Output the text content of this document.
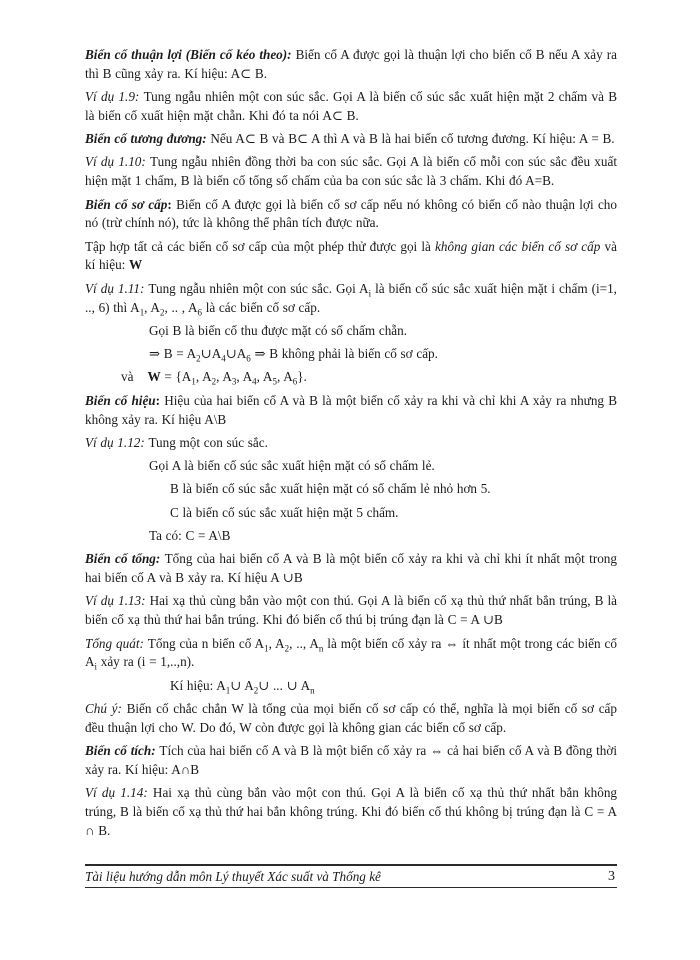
Biến cố thuận lợi (Biến cố kéo theo): Biến cố A được gọi là thuận lợi cho biến cố B nếu A xảy ra thì B cũng xảy ra. Kí hiệu: A⊂ B.

Ví dụ 1.9: Tung ngẫu nhiên một con súc sắc. Gọi A là biến cố súc sắc xuất hiện mặt 2 chấm và B là biến cố xuất hiện mặt chẵn. Khi đó ta nói A⊂ B.

Biến cố tương đương: Nếu A⊂ B và B⊂ A thì A và B là hai biến cố tương đương. Kí hiệu: A = B.

Ví dụ 1.10: Tung ngẫu nhiên đồng thời ba con súc sắc. Gọi A là biến cố mỗi con súc sắc đều xuất hiện mặt 1 chấm, B là biến cố tổng số chấm của ba con súc sắc là 3 chấm. Khi đó A=B.

Biến cố sơ cấp: Biến cố A được gọi là biến cố sơ cấp nếu nó không có biến cố nào thuận lợi cho nó (trừ chính nó), tức là không thể phân tích được nữa.

Tập hợp tất cả các biến cố sơ cấp của một phép thử được gọi là không gian các biến cố sơ cấp và kí hiệu: W

Ví dụ 1.11: Tung ngẫu nhiên một con súc sắc. Gọi $A_i$ là biến cố súc sắc xuất hiện mặt i chấm (i=1, .., 6) thì $A_1$, $A_2$, .. , $A_6$ là các biến cố sơ cấp.

Gọi B là biến cố thu được mặt có số chấm chẵn.

⇒ $B = A_2\cup A_4\cup A_6$ ⇒ B không phải là biến cố sơ cấp.

và $W = \{A_1$, $A_2$, $A_3$, $A_4$, $A_5$, $A_6$}.

Biến cố hiệu: Hiệu của hai biến cố A và B là một biến cố xảy ra khi và chỉ khi A xảy ra nhưng B không xảy ra. Kí hiệu A\B

Ví dụ 1.12: Tung một con súc sắc.

Gọi A là biến cố súc sắc xuất hiện mặt có số chấm lẻ.

B là biến cố súc sắc xuất hiện mặt có số chấm lẻ nhỏ hơn 5.

C là biến cố súc sắc xuất hiện mặt 5 chấm.

Ta có: C = A\B

Biến cố tổng: Tổng của hai biến cố A và B là một biến cố xảy ra khi và chỉ khi ít nhất một trong hai biến cố A và B xảy ra. Kí hiệu A ∪B

Ví dụ 1.13: Hai xạ thủ cùng bắn vào một con thú. Gọi A là biến cố xạ thủ thứ nhất bắn trúng, B là biến cố xạ thủ thứ hai bắn trúng. Khi đó biến cố thú bị trúng đạn là C = A ∪B

Tổng quát: Tổng của n biến cố $A_1$, $A_2$, .., $A_n$ là một biến cố xảy ra ⇔ ít nhất một trong các biến cố $A_i$ xảy ra (i = 1,..,n).

Kí hiệu: $A_1\cup$ $A_2\cup$ ... ∪ $A_n$

Chú ý: Biến cố chắc chắn W là tổng của mọi biến cố sơ cấp có thể, nghĩa là mọi biến cố sơ cấp đều thuận lợi cho W. Do đó, W còn được gọi là không gian các biến cố sơ cấp.

Biến cố tích: Tích của hai biến cố A và B là một biến cố xảy ra ⇔ cả hai biến cố A và B đồng thời xảy ra. Kí hiệu: A∩B

Ví dụ 1.14: Hai xạ thủ cùng bắn vào một con thú. Gọi A là biến cố xạ thủ thứ nhất bắn không trúng, B là biến cố xạ thủ thứ hai bắn không trúng. Khi đó biến cố thú không bị trúng đạn là C = A ∩ B.

Tài liệu hướng dẫn môn Lý thuyết Xác suất và Thống kê	3
